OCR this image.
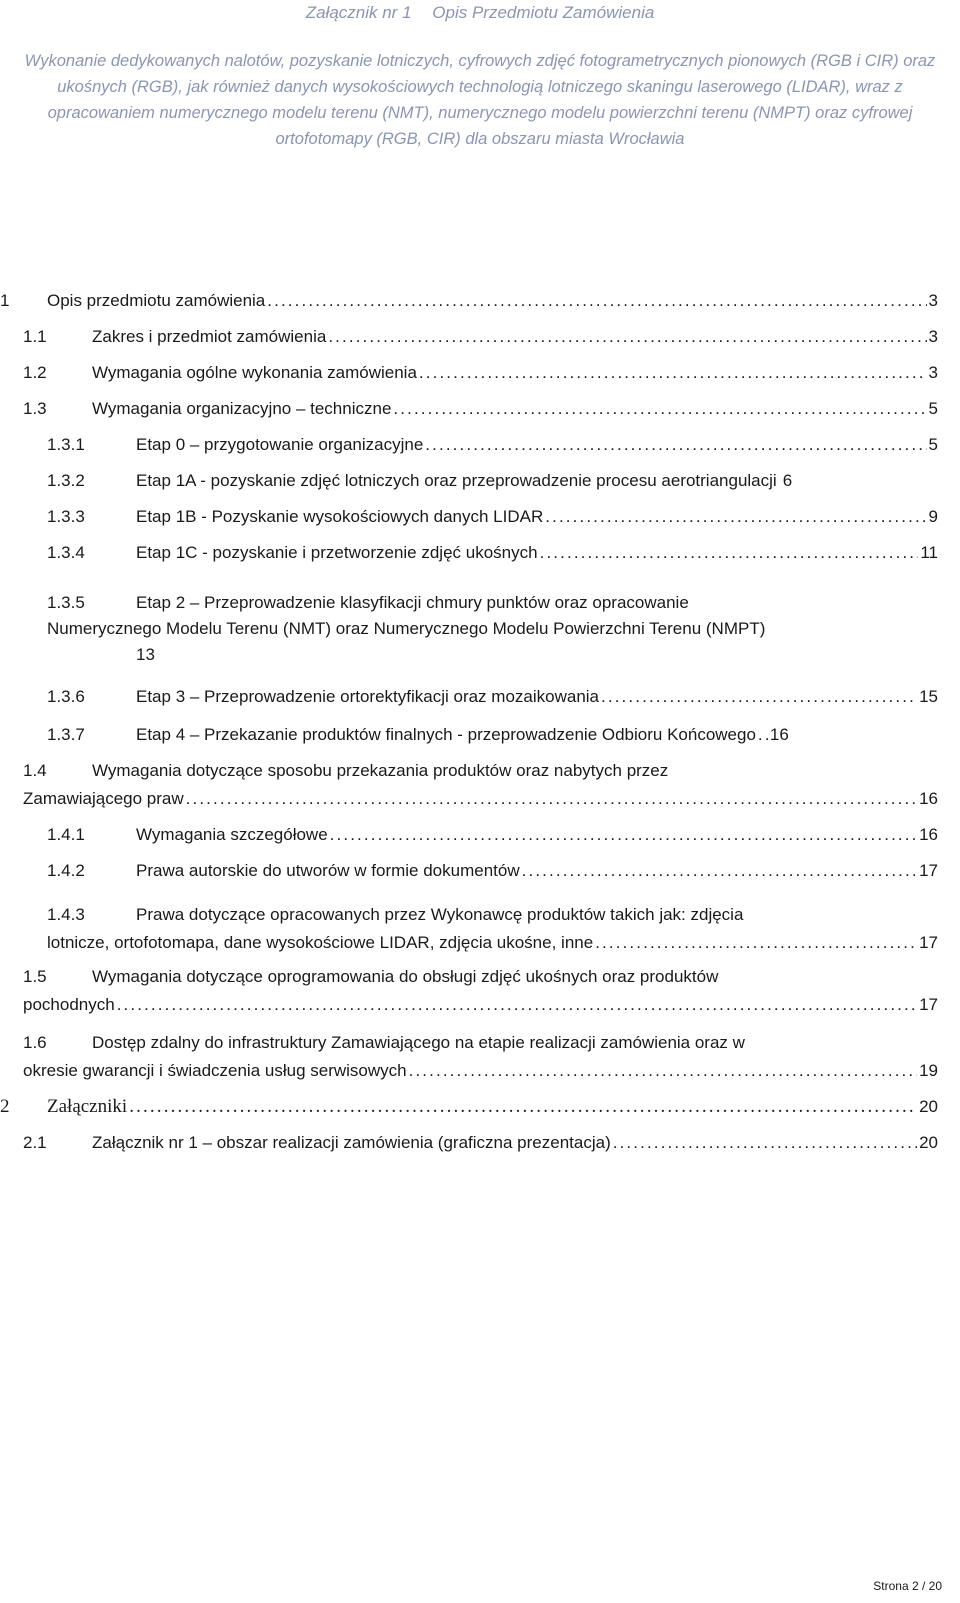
Załącznik nr 1 Opis Przedmiotu Zamówienia
Wykonanie dedykowanych nalotów, pozyskanie lotniczych, cyfrowych zdjęć fotogrametrycznych pionowych (RGB i CIR) oraz ukośnych (RGB), jak również danych wysokościowych technologią lotniczego skaningu laserowego (LIDAR), wraz z opracowaniem numerycznego modelu terenu (NMT), numerycznego modelu powierzchni terenu (NMPT) oraz cyfrowej ortofotomapy (RGB, CIR) dla obszaru miasta Wrocławia
1 Opis przedmiotu zamówienia . . .	3
1.1	Zakres i przedmiot zamówienia . . .	3
1.2	Wymagania ogólne wykonania zamówienia . . .	3
1.3	Wymagania organizacyjno – techniczne . . .	5
1.3.1	Etap 0 – przygotowanie organizacyjne . . .	5
1.3.2	Etap 1A - pozyskanie zdjęć lotniczych oraz przeprowadzenie procesu aerotriangulacji 6
1.3.3	Etap 1B - Pozyskanie wysokościowych danych LIDAR . . .	9
1.3.4	Etap 1C - pozyskanie i przetworzenie zdjęć ukośnych . . .	11
1.3.5	Etap 2 – Przeprowadzenie klasyfikacji chmury punktów oraz opracowanie
Numerycznego Modelu Terenu (NMT) oraz Numerycznego Modelu Powierzchni Terenu (NMPT)
13
1.3.6	Etap 3 – Przeprowadzenie ortorektyfikacji oraz mozaikowania . . .	15
1.3.7	Etap 4 – Przekazanie produktów finalnych - przeprowadzenie Odbioru Końcowego . . . 16
1.4	Wymagania dotyczące sposobu przekazania produktów oraz nabytych przez
Zamawiającego praw . . .	16
1.4.1	Wymagania szczegółowe . . .	16
1.4.2	Prawa autorskie do utworów w formie dokumentów . . .	17
1.4.3	Prawa dotyczące opracowanych przez Wykonawcę produktów takich jak: zdjęcia
lotnicze, ortofotomapa, dane wysokościowe LIDAR, zdjęcia ukośne, inne . . .	17
1.5	Wymagania dotyczące oprogramowania do obsługi zdjęć ukośnych oraz produktów
pochodnych . . .	17
1.6	Dostęp zdalny do infrastruktury Zamawiającego na etapie realizacji zamówienia oraz w
okresie gwarancji i świadczenia usług serwisowych . . .	19
2 Załączniki . . .	20
2.1	Załącznik nr 1 – obszar realizacji zamówienia (graficzna prezentacja) . . .	20
Strona 2 / 20
